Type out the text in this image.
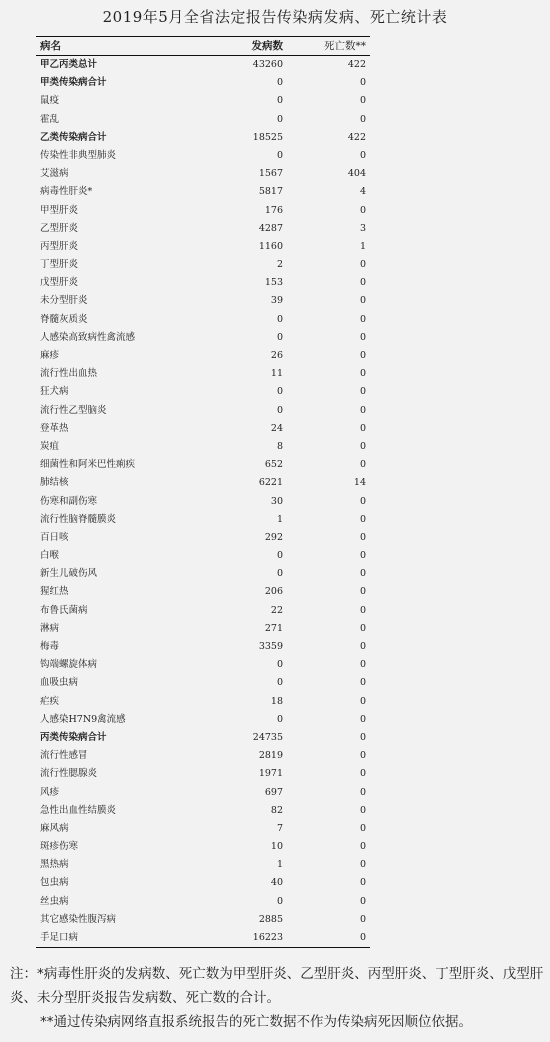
2019年5月全省法定报告传染病发病、死亡统计表
病名	发病数	死亡数**
甲乙丙类总计	43260	422
甲类传染病合计	0	0
鼠疫	0	0
霍乱	0	0
乙类传染病合计	18525	422
传染性非典型肺炎	0	0
艾滋病	1567	404
病毒性肝炎*	5817	4
甲型肝炎	176	0
乙型肝炎	4287	3
丙型肝炎	1160	1
丁型肝炎	2	0
戊型肝炎	153	0
未分型肝炎	39	0
脊髓灰质炎	0	0
人感染高致病性禽流感	0	0
麻疹	26	0
流行性出血热	11	0
狂犬病	0	0
流行性乙型脑炎	0	0
登革热	24	0
炭疽	8	0
细菌性和阿米巴性痢疾	652	0
肺结核	6221	14
伤寒和副伤寒	30	0
流行性脑脊髓膜炎	1	0
百日咳	292	0
白喉	0	0
新生儿破伤风	0	0
猩红热	206	0
布鲁氏菌病	22	0
淋病	271	0
梅毒	3359	0
钩端螺旋体病	0	0
血吸虫病	0	0
疟疾	18	0
人感染H7N9禽流感	0	0
丙类传染病合计	24735	0
流行性感冒	2819	0
流行性腮腺炎	1971	0
风疹	697	0
急性出血性结膜炎	82	0
麻风病	7	0
斑疹伤寒	10	0
黑热病	1	0
包虫病	40	0
丝虫病	0	0
其它感染性腹泻病	2885	0
手足口病	16223	0

注：*病毒性肝炎的发病数、死亡数为甲型肝炎、乙型肝炎、丙型肝炎、丁型肝炎、戊型肝炎、未分型肝炎报告发病数、死亡数的合计。

**通过传染病网络直报系统报告的死亡数据不作为传染病死因顺位依据。
